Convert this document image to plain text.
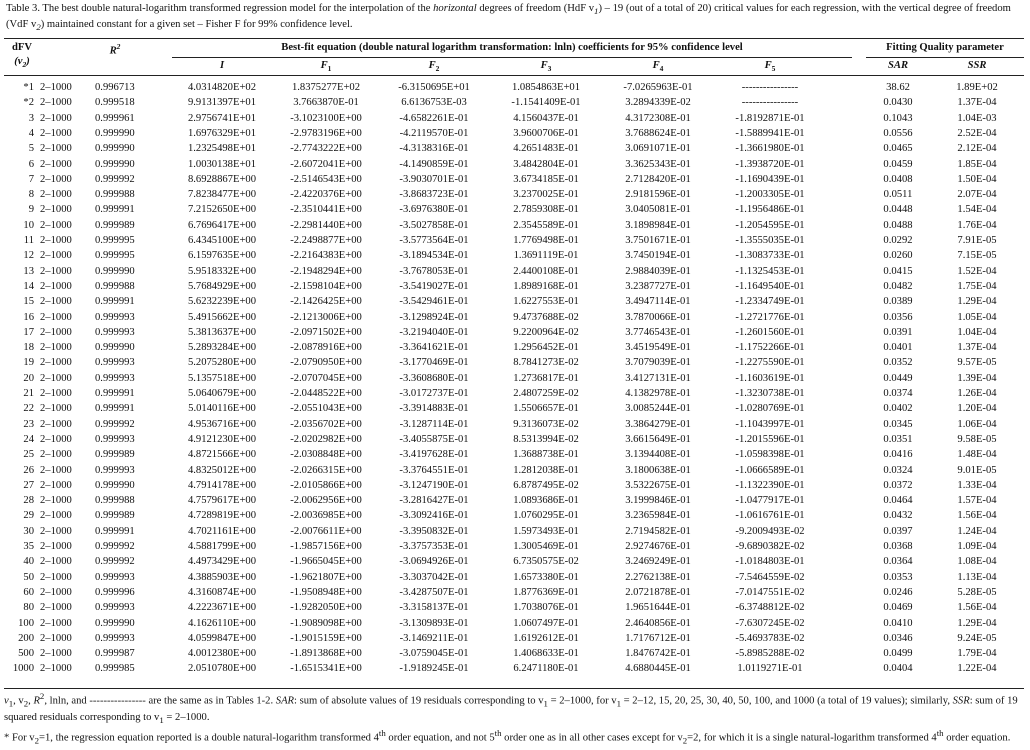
Table 3. The best double natural-logarithm transformed regression model for the interpolation of the horizontal degrees of freedom (HdF $v_1) - 19$ (out of a total of 20) critical values for each regression, with the vertical degree of freedom (VdF $v_2$) maintained constant for a given set – Fisher F for 99% confidence level.
dFV
$(v_2)$
$R^2$	Best-fit equation (double natural logarithm transformation: lnln) coefficients for 95% confidence level	Fitting Quality parameter
I	$F_1$	$F_2$	$F_3$	$F_4$	$F_5$	SAR	SSR
*1 2–1000	0.996713	4.0314820E+02	1.8375277E+02	-6.3150695E+01	1.0854863E+01	-7.0265963E-01	----------------	38.62	1.89E+02
*2 2–1000	0.999518	9.9131397E+01	3.7663870E-01	6.6136753E-03	-1.1541409E-01	3.2894339E-02	----------------	0.0430	1.37E-04
3 2–1000	0.999961	2.9756741E+01	-3.1023100E+00	-4.6582261E-01	4.1560437E-01	4.3172308E-01	-1.8192871E-01	0.1043	1.04E-03
4 2–1000	0.999990	1.6976329E+01	-2.9783196E+00	-4.2119570E-01	3.9600706E-01	3.7688624E-01	-1.5889941E-01	0.0556	2.52E-04
5 2–1000	0.999990	1.2325498E+01	-2.7743222E+00	-4.3138316E-01	4.2651483E-01	3.0691071E-01	-1.3661980E-01	0.0465	2.12E-04
6 2–1000	0.999990	1.0030138E+01	-2.6072041E+00	-4.1490859E-01	3.4842804E-01	3.3625343E-01	-1.3938720E-01	0.0459	1.85E-04
7 2–1000	0.999992	8.6928867E+00	-2.5146543E+00	-3.9030701E-01	3.6734185E-01	2.7128420E-01	-1.1690439E-01	0.0408	1.50E-04
8 2–1000	0.999988	7.8238477E+00	-2.4220376E+00	-3.8683723E-01	3.2370025E-01	2.9181596E-01	-1.2003305E-01	0.0511	2.07E-04
9 2–1000	0.999991	7.2152650E+00	-2.3510441E+00	-3.6976380E-01	2.7859308E-01	3.0405081E-01	-1.1956486E-01	0.0448	1.54E-04
10 2–1000	0.999989	6.7696417E+00	-2.2981440E+00	-3.5027858E-01	2.3545589E-01	3.1898984E-01	-1.2054595E-01	0.0488	1.76E-04
11 2–1000	0.999995	6.4345100E+00	-2.2498877E+00	-3.5773564E-01	1.7769498E-01	3.7501671E-01	-1.3555035E-01	0.0292	7.91E-05
12 2–1000	0.999995	6.1597635E+00	-2.2164383E+00	-3.1894534E-01	1.3691119E-01	3.7450194E-01	-1.3083733E-01	0.0260	7.15E-05
13 2–1000	0.999990	5.9518332E+00	-2.1948294E+00	-3.7678053E-01	2.4400108E-01	2.9884039E-01	-1.1325453E-01	0.0415	1.52E-04
14 2–1000	0.999988	5.7684929E+00	-2.1598104E+00	-3.5419027E-01	1.8989168E-01	3.2387727E-01	-1.1649540E-01	0.0482	1.75E-04
15 2–1000	0.999991	5.6232239E+00	-2.1426425E+00	-3.5429461E-01	1.6227553E-01	3.4947114E-01	-1.2334749E-01	0.0389	1.29E-04
16 2–1000	0.999993	5.4915662E+00	-2.1213006E+00	-3.1298924E-01	9.4737688E-02	3.7870066E-01	-1.2721776E-01	0.0356	1.05E-04
17 2–1000	0.999993	5.3813637E+00	-2.0971502E+00	-3.2194040E-01	9.2200964E-02	3.7746543E-01	-1.2601560E-01	0.0391	1.04E-04
18 2–1000	0.999990	5.2893284E+00	-2.0878916E+00	-3.3641621E-01	1.2956452E-01	3.4519549E-01	-1.1752266E-01	0.0401	1.37E-04
19 2–1000	0.999993	5.2075280E+00	-2.0790950E+00	-3.1770469E-01	8.7841273E-02	3.7079039E-01	-1.2275590E-01	0.0352	9.57E-05
20 2–1000	0.999993	5.1357518E+00	-2.0707045E+00	-3.3608680E-01	1.2736817E-01	3.4127131E-01	-1.1603619E-01	0.0449	1.39E-04
21 2–1000	0.999991	5.0640679E+00	-2.0448522E+00	-3.0172737E-01	2.4807259E-02	4.1382978E-01	-1.3230738E-01	0.0374	1.26E-04
22 2–1000	0.999991	5.0140116E+00	-2.0551043E+00	-3.3914883E-01	1.5506657E-01	3.0085244E-01	-1.0280769E-01	0.0402	1.20E-04
23 2–1000	0.999992	4.9536716E+00	-2.0356702E+00	-3.1287114E-01	9.3136073E-02	3.3864279E-01	-1.1043997E-01	0.0345	1.06E-04
24 2–1000	0.999993	4.9121230E+00	-2.0202982E+00	-3.4055875E-01	8.5313994E-02	3.6615649E-01	-1.2015596E-01	0.0351	9.58E-05
25 2–1000	0.999989	4.8721566E+00	-2.0308848E+00	-3.4197628E-01	1.3688738E-01	3.1394408E-01	-1.0598398E-01	0.0416	1.48E-04
26 2–1000	0.999993	4.8325012E+00	-2.0266315E+00	-3.3764551E-01	1.2812038E-01	3.1800638E-01	-1.0666589E-01	0.0324	9.01E-05
27 2–1000	0.999990	4.7914178E+00	-2.0105866E+00	-3.1247190E-01	6.8787495E-02	3.5322675E-01	-1.1322390E-01	0.0372	1.33E-04
28 2–1000	0.999988	4.7579617E+00	-2.0062956E+00	-3.2816427E-01	1.0893686E-01	3.1999846E-01	-1.0477917E-01	0.0464	1.57E-04
29 2–1000	0.999989	4.7289819E+00	-2.0036985E+00	-3.3092416E-01	1.0760295E-01	3.2365984E-01	-1.0616761E-01	0.0432	1.56E-04
30 2–1000	0.999991	4.7021161E+00	-2.0076611E+00	-3.3950832E-01	1.5973493E-01	2.7194582E-01	-9.2009493E-02	0.0397	1.24E-04
35 2–1000	0.999992	4.5881799E+00	-1.9857156E+00	-3.3757353E-01	1.3005469E-01	2.9274676E-01	-9.6890382E-02	0.0368	1.09E-04
40 2–1000	0.999992	4.4973429E+00	-1.9665045E+00	-3.0694926E-01	6.7350575E-02	3.2469249E-01	-1.0184803E-01	0.0364	1.08E-04
50 2–1000	0.999993	4.3885903E+00	-1.9621807E+00	-3.3037042E-01	1.6573380E-01	2.2762138E-01	-7.5464559E-02	0.0353	1.13E-04
60 2–1000	0.999996	4.3160874E+00	-1.9508948E+00	-3.4287507E-01	1.8776369E-01	2.0721878E-01	-7.0147551E-02	0.0246	5.28E-05
80 2–1000	0.999993	4.2223671E+00	-1.9282050E+00	-3.3158137E-01	1.7038076E-01	1.9651644E-01	-6.3748812E-02	0.0469	1.56E-04
100 2–1000	0.999990	4.1626110E+00	-1.9089098E+00	-3.1309893E-01	1.0607497E-01	2.4640856E-01	-7.6307245E-02	0.0410	1.29E-04
200 2–1000	0.999993	4.0599847E+00	-1.9015159E+00	-3.1469211E-01	1.6192612E-01	1.7176712E-01	-5.4693783E-02	0.0346	9.24E-05
500 2–1000	0.999987	4.0012380E+00	-1.8913868E+00	-3.0759045E-01	1.4068633E-01	1.8476742E-01	-5.8985288E-02	0.0499	1.79E-04
1000 2–1000	0.999985	2.0510780E+00	-1.6515341E+00	-1.9189245E-01	6.2471180E-01	4.6880445E-01	1.0119271E-01	0.0404	1.22E-04
$v_1$, $v_2$, $R^2$, lnln, and ---------------- are the same as in Tables 1-2. SAR: sum of absolute values of 19 residuals corresponding to $v_1 = 2-1000$, for $v_1 = 2-12$, 15, 20, 25, 30, 40, 50, 100, and 1000 (a total of 19 values); similarly, SSR: sum of 19 squared residuals corresponding to $v_1 = 2-1000$.
* For $v_2=1$, the regression equation reported is a double natural-logarithm transformed 4th order equation, and not 5th order one as in all other cases except for $v_2=2$, for which it is a single natural-logarithm transformed 4th order equation.
